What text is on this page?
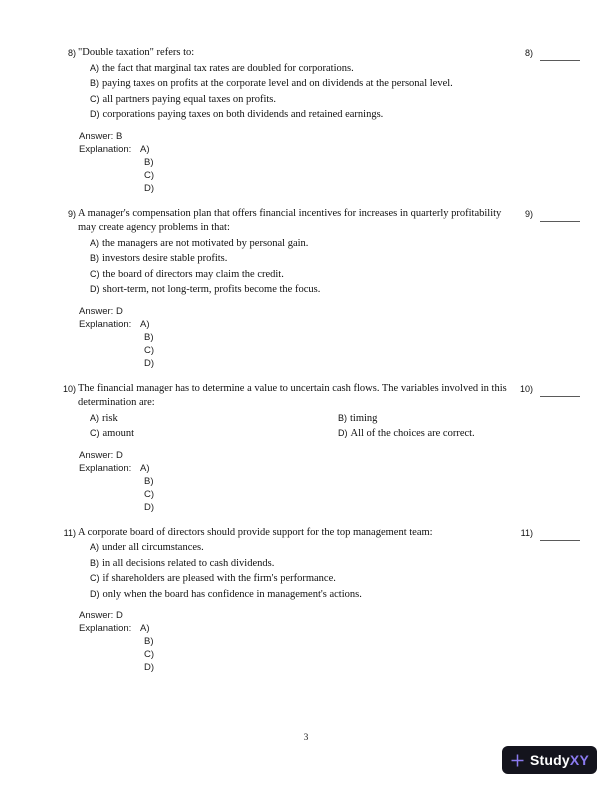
8)
8) "Double taxation" refers to:
A) the fact that marginal tax rates are doubled for corporations.
B) paying taxes on profits at the corporate level and on dividends at the personal level.
C) all partners paying equal taxes on profits.
D) corporations paying taxes on both dividends and retained earnings.
Answer: B
Explanation: A)
B)
C)
D)
9)
9) A manager's compensation plan that offers financial incentives for increases in quarterly profitability may create agency problems in that:
A) the managers are not motivated by personal gain.
B) investors desire stable profits.
C) the board of directors may claim the credit.
D) short-term, not long-term, profits become the focus.
Answer: D
Explanation: A)
B)
C)
D)
10)
10) The financial manager has to determine a value to uncertain cash flows. The variables involved in this determination are:
A) risk	B) timing
C) amount	D) All of the choices are correct.
Answer: D
Explanation: A)
B)
C)
D)
11)
11) A corporate board of directors should provide support for the top management team:
A) under all circumstances.
B) in all decisions related to cash dividends.
C) if shareholders are pleased with the firm's performance.
D) only when the board has confidence in management's actions.
Answer: D
Explanation: A)
B)
C)
D)
3
StudyXY
